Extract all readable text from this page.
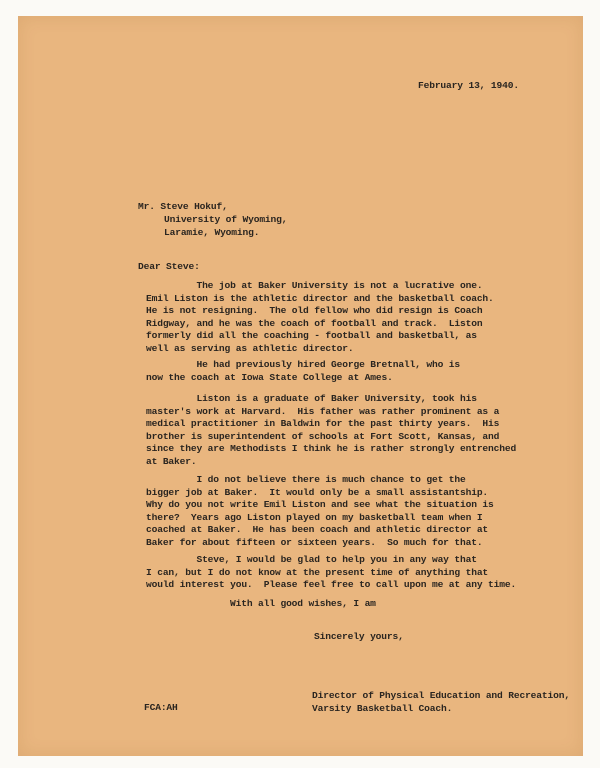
February 13, 1940.
Mr. Steve Hokuf,
University of Wyoming,
Laramie, Wyoming.
Dear Steve:
The job at Baker University is not a lucrative one.
Emil Liston is the athletic director and the basketball coach.
He is not resigning.  The old fellow who did resign is Coach
Ridgway, and he was the coach of football and track.  Liston
formerly did all the coaching - football and basketball, as
well as serving as athletic director.
He had previously hired George Bretnall, who is
now the coach at Iowa State College at Ames.
Liston is a graduate of Baker University, took his
master's work at Harvard.  His father was rather prominent as a
medical practitioner in Baldwin for the past thirty years.  His
brother is superintendent of schools at Fort Scott, Kansas, and
since they are Methodists I think he is rather strongly entrenched
at Baker.
I do not believe there is much chance to get the
bigger job at Baker.  It would only be a small assistantship.
Why do you not write Emil Liston and see what the situation is
there?  Years ago Liston played on my basketball team when I
coached at Baker.  He has been coach and athletic director at
Baker for about fifteen or sixteen years.  So much for that.
Steve, I would be glad to help you in any way that
I can, but I do not know at the present time of anything that
would interest you.  Please feel free to call upon me at any time.
With all good wishes, I am
Sincerely yours,
FCA:AH
Director of Physical Education and Recreation,
Varsity Basketball Coach.
